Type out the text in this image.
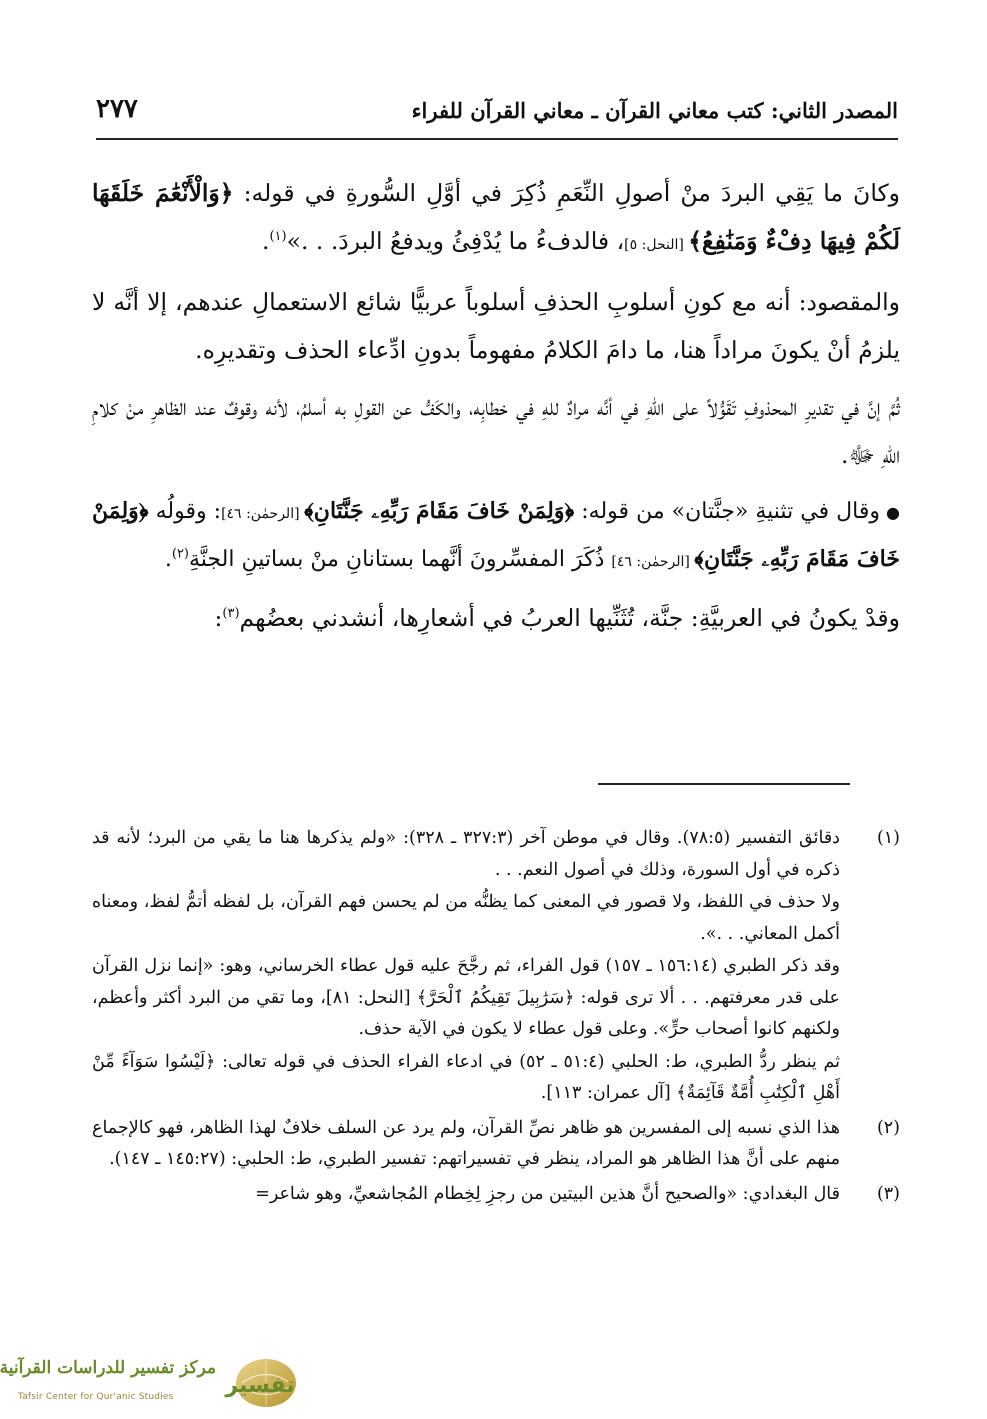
المصدر الثاني: كتب معاني القرآن ـ معاني القرآن للفراء
٢٧٧

وكانَ ما يَقِي البردَ منْ أصولِ النِّعَمِ ذُكِرَ في أوَّلِ السُّورةِ في قوله: ﴿وَالْأَنْعَٰمَ خَلَقَهَا لَكُمْ فِيهَا دِفْءٌ وَمَنَٰفِعُ﴾ [النحل: ٥]، فالدفءُ ما يُدْفِئُ ويدفعُ البردَ. . .»$^{(١)}$.

والمقصود: أنه مع كونِ أسلوبِ الحذفِ أسلوباً عربيًّا شائع الاستعمالِ عندهم، إلا أنَّه لا يلزمُ أنْ يكونَ مراداً هنا، ما دامَ الكلامُ مفهوماً بدونِ ادِّعاء الحذف وتقديرِه.

ثُمَّ إنَّ في تقديرِ المحذوفِ تَقَوُّلاً على اللهِ في أنَّه مرادٌ للهِ في خطابِه، والكَفُّ عن القولِ به أسلمُ، لأنه وقوفٌ عند الظاهرِ منْ كلامِ اللهِ ﷻ.

●وقال في تثنيةِ «جنَّتان» من قوله: ﴿وَلِمَنْ خَافَ مَقَامَ رَبِّهِۦ جَنَّتَانِ﴾ [الرحمٰن: ٤٦]: وقولُه ﴿وَلِمَنْ خَافَ مَقَامَ رَبِّهِۦ جَنَّتَانِ﴾ [الرحمٰن: ٤٦] ذُكَرَ المفسِّرونَ أنَّهما بستانانِ منْ بساتينِ الجنَّةِ$^{(٢)}$.

وقدْ يكونُ في العربيَّةِ: جنَّة، تُثَنِّيها العربُ في أشعارِها، أنشدني بعضُهم$^{(٣)}$:

(١)

دقائق التفسير (٧٨:٥). وقال في موطن آخر (٣٢٧:٣ ـ ٣٢٨): «ولم يذكرها هنا ما يقي من البرد؛ لأنه قد ذكره في أول السورة، وذلك في أصول النعم. . .

ولا حذف في اللفظ، ولا قصور في المعنى كما يظنُّه من لم يحسن فهم القرآن، بل لفظه أتمُّ لفظ، ومعناه أكمل المعاني. . .».

وقد ذكر الطبري (١٥٦:١٤ ـ ١٥٧) قول الفراء، ثم رجَّحَ عليه قول عطاء الخرساني، وهو: «إنما نزل القرآن على قدر معرفتهم. . . ألا ترى قوله: ﴿سَرَٰبِيلَ تَقِيكُمُ ٱلْحَرَّ﴾ [النحل: ٨١]، وما تقي من البرد أكثر وأعظم، ولكنهم كانوا أصحاب حرٍّ». وعلى قول عطاء لا يكون في الآية حذف.

ثم ينظر ردُّ الطبري، ط: الحلبي (٥١:٤ ـ ٥٢) في ادعاء الفراء الحذف في قوله تعالى: ﴿لَيْسُوا سَوَآءً مِّنْ أَهْلِ ٱلْكِتَٰبِ أُمَّةٌ قَآئِمَةٌ﴾ [آل عمران: ١١٣].

(٢)

هذا الذي نسبه إلى المفسرين هو ظاهر نصِّ القرآن، ولم يرد عن السلف خلافٌ لهذا الظاهر، فهو كالإجماع منهم على أنَّ هذا الظاهر هو المراد، ينظر في تفسيراتهم: تفسير الطبري، ط: الحلبي: (١٤٥:٢٧ ـ ١٤٧).

(٣)

قال البغدادي: «والصحيح أنَّ هذين البيتين من رجزِ لِخِطام المُجاشعيِّ، وهو شاعر=

تفسير
مركز تفسير للدراسات القرآنية
Tafsir Center for Qur'anic Studies
